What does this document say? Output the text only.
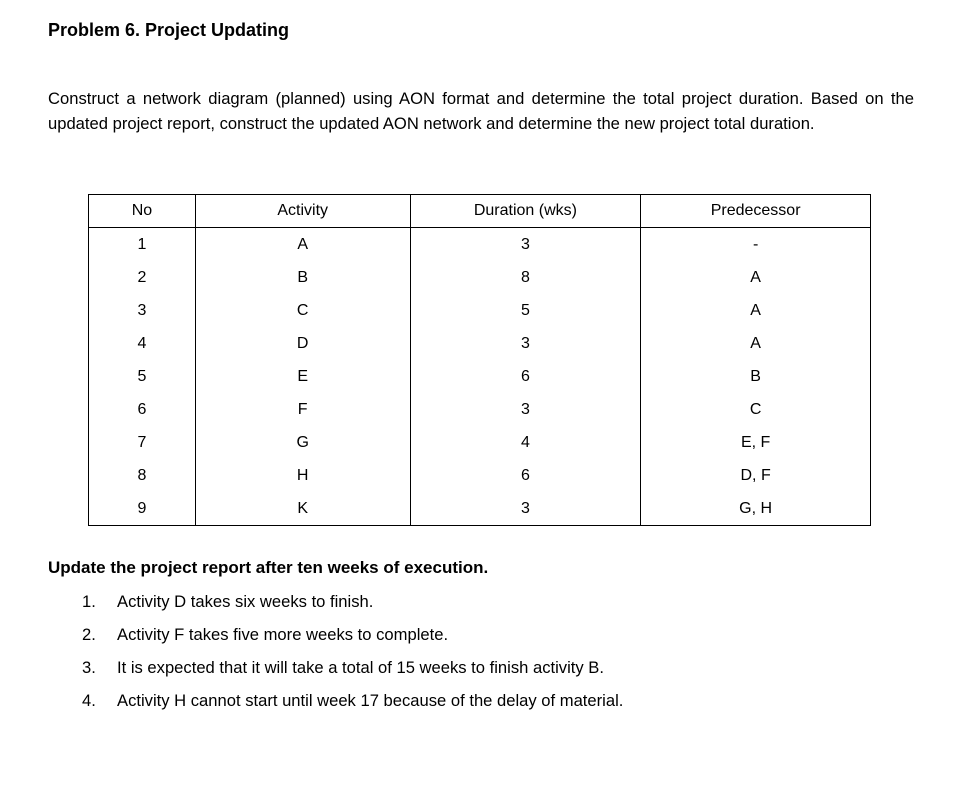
Problem 6. Project Updating

Construct a network diagram (planned) using AON format and determine the total project duration. Based on the updated project report, construct the updated AON network and determine the new project total duration.

No	Activity	Duration (wks)	Predecessor
1	A	3	-
2	B	8	A
3	C	5	A
4	D	3	A
5	E	6	B
6	F	3	C
7	G	4	E, F
8	H	6	D, F
9	K	3	G, H
Update the project report after ten weeks of execution.
1.	Activity D takes six weeks to finish.
2.	Activity F takes five more weeks to complete.
3.	It is expected that it will take a total of 15 weeks to finish activity B.
4.	Activity H cannot start until week 17 because of the delay of material.
